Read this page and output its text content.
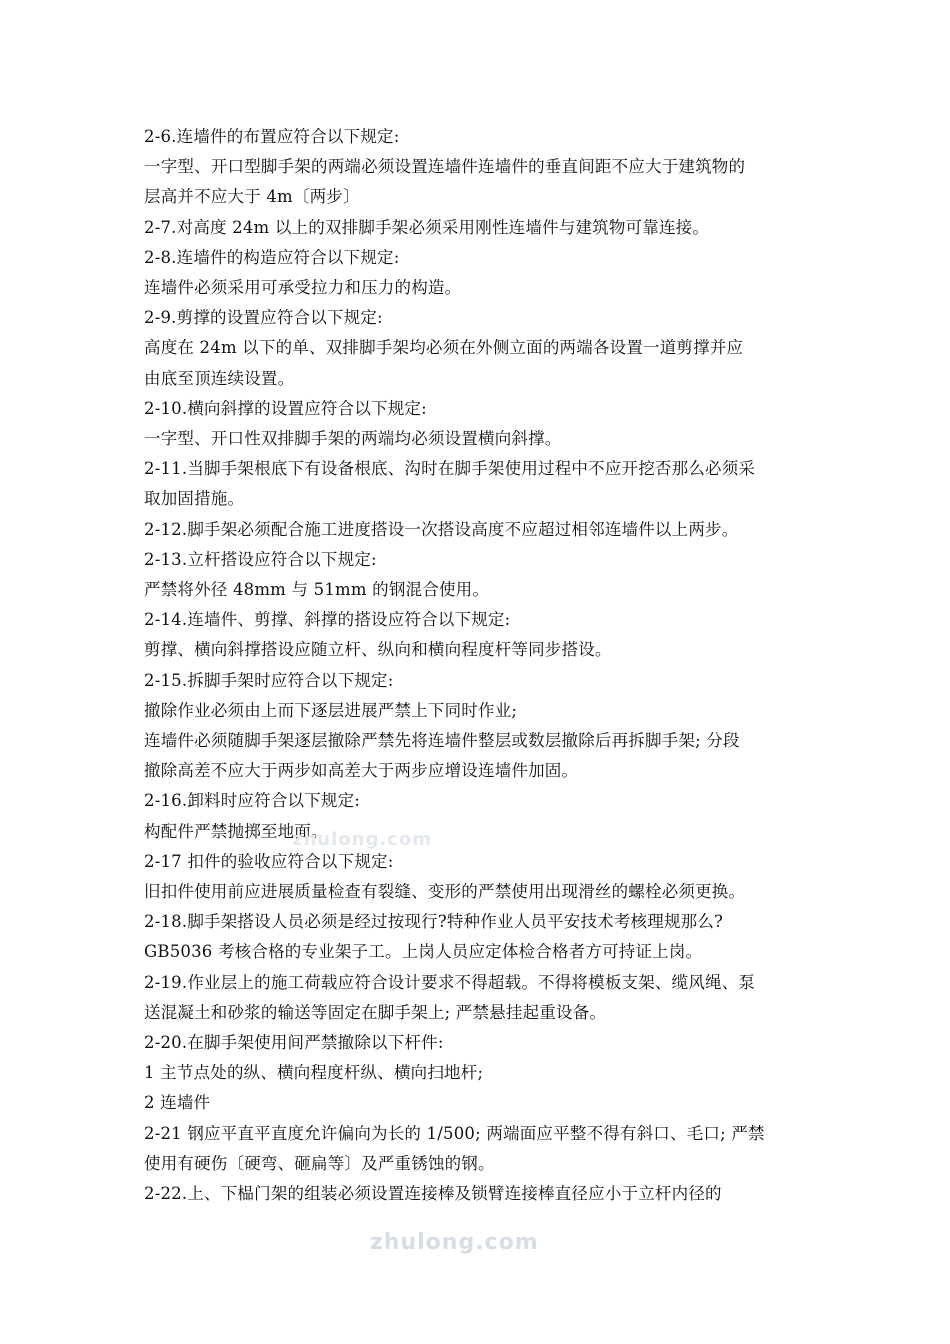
2-6.连墙件的布置应符合以下规定:
一字型、开口型脚手架的两端必须设置连墙件连墙件的垂直间距不应大于建筑物的
层高并不应大于 4m〔两步〕
2-7.对高度 24m 以上的双排脚手架必须采用刚性连墙件与建筑物可靠连接。
2-8.连墙件的构造应符合以下规定:
连墙件必须采用可承受拉力和压力的构造。
2-9.剪撑的设置应符合以下规定:
高度在 24m 以下的单、双排脚手架均必须在外侧立面的两端各设置一道剪撑并应
由底至顶连续设置。
2-10.横向斜撑的设置应符合以下规定:
一字型、开口性双排脚手架的两端均必须设置横向斜撑。
2-11.当脚手架根底下有设备根底、沟时在脚手架使用过程中不应开挖否那么必须采
取加固措施。
2-12.脚手架必须配合施工进度搭设一次搭设高度不应超过相邻连墙件以上两步。
2-13.立杆搭设应符合以下规定:
严禁将外径 48mm 与 51mm 的钢混合使用。
2-14.连墙件、剪撑、斜撑的搭设应符合以下规定:
剪撑、横向斜撑搭设应随立杆、纵向和横向程度杆等同步搭设。
2-15.拆脚手架时应符合以下规定:
撤除作业必须由上而下逐层进展严禁上下同时作业;
连墙件必须随脚手架逐层撤除严禁先将连墙件整层或数层撤除后再拆脚手架; 分段
撤除高差不应大于两步如高差大于两步应增设连墙件加固。
2-16.卸料时应符合以下规定:
构配件严禁抛掷至地面。
2-17 扣件的验收应符合以下规定:
旧扣件使用前应进展质量检查有裂缝、变形的严禁使用出现滑丝的螺栓必须更换。
2-18.脚手架搭设人员必须是经过按现行?特种作业人员平安技术考核理规那么?
GB5036 考核合格的专业架子工。上岗人员应定体检合格者方可持证上岗。
2-19.作业层上的施工荷载应符合设计要求不得超载。不得将模板支架、缆风绳、泵
送混凝土和砂浆的输送等固定在脚手架上; 严禁悬挂起重设备。
2-20.在脚手架使用间严禁撤除以下杆件:
1 主节点处的纵、横向程度杆纵、横向扫地杆;
2 连墙件
2-21 钢应平直平直度允许偏向为长的 1/500; 两端面应平整不得有斜口、毛口; 严禁
使用有硬伤〔硬弯、砸扁等〕及严重锈蚀的钢。
2-22.上、下榀门架的组装必须设置连接棒及锁臂连接棒直径应小于立杆内径的
zhulong.com
zhulong.com
